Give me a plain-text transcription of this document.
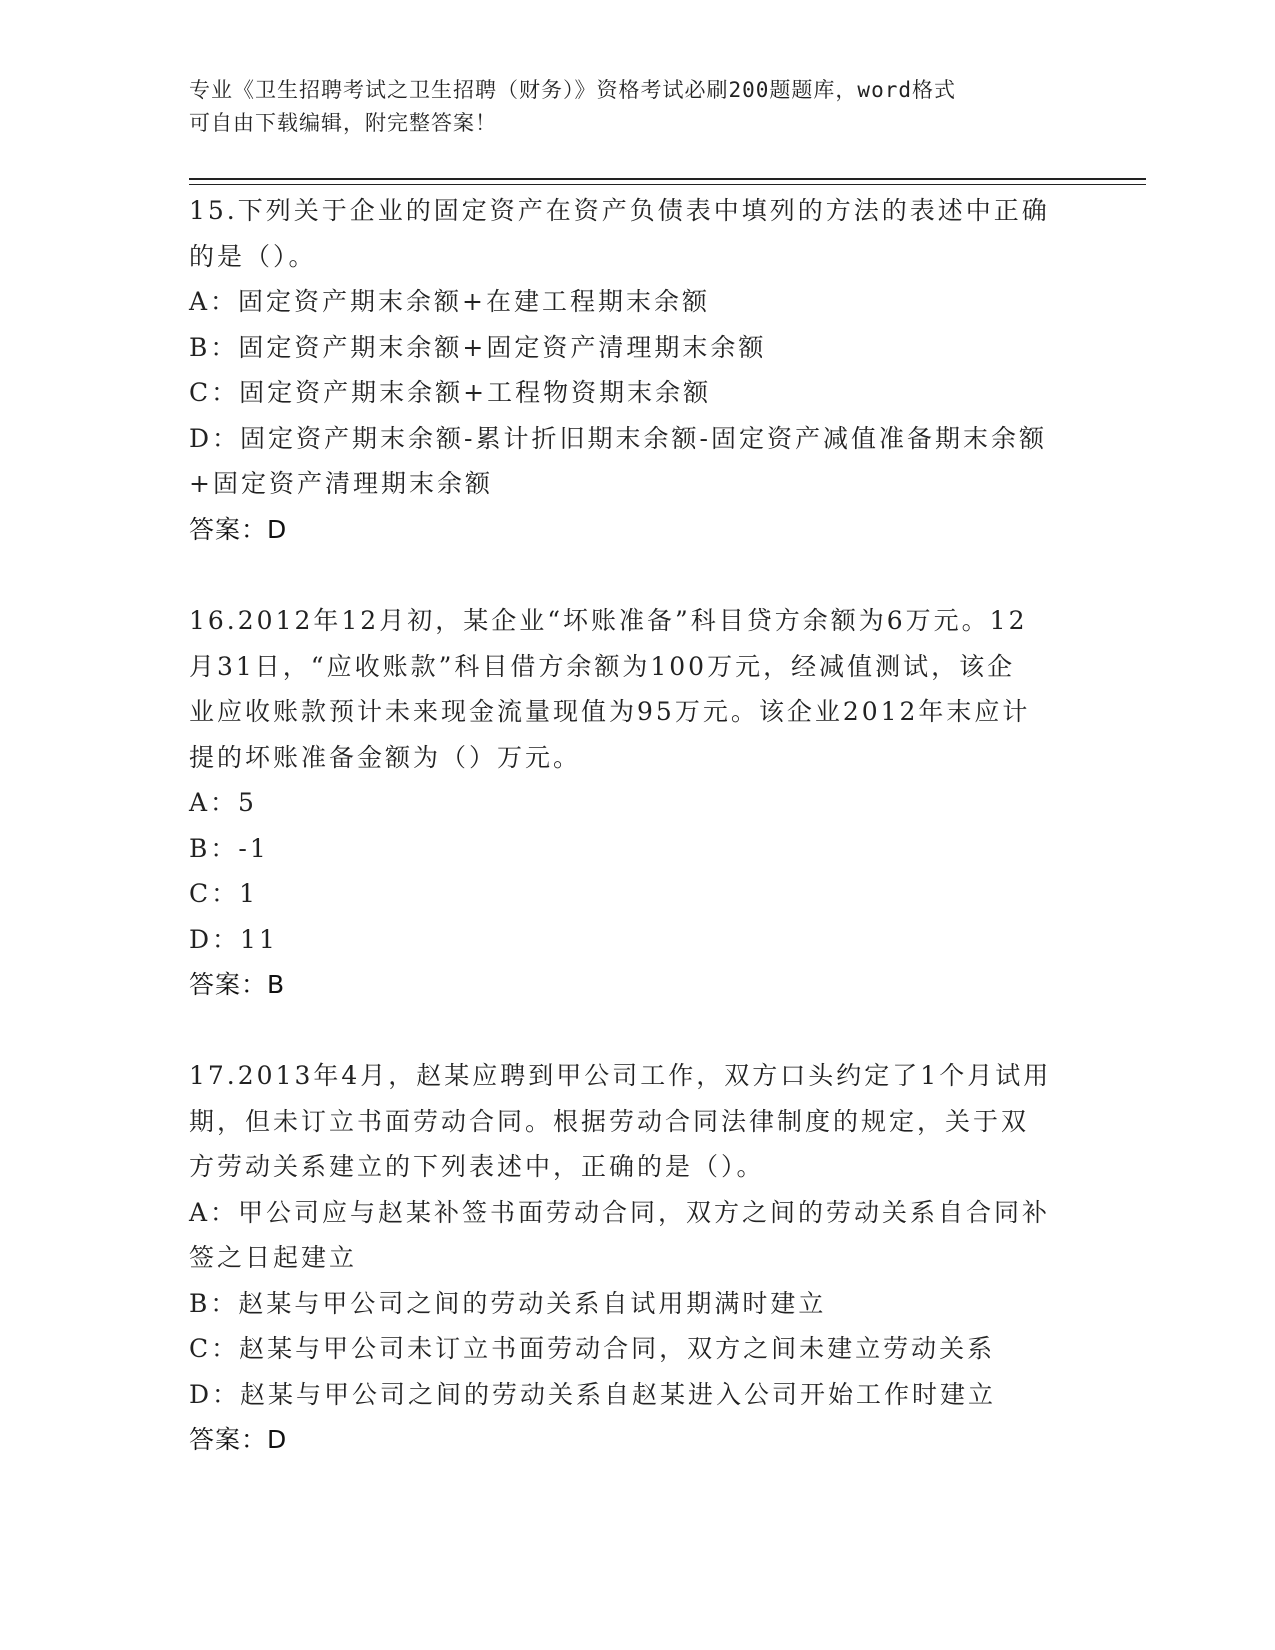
专业《卫生招聘考试之卫生招聘（财务）》资格考试必刷200题题库，word格式
可自由下载编辑，附完整答案！
15.下列关于企业的固定资产在资产负债表中填列的方法的表述中正确
的是（）。
A：固定资产期末余额+在建工程期末余额
B：固定资产期末余额+固定资产清理期末余额
C：固定资产期末余额+工程物资期末余额
D：固定资产期末余额-累计折旧期末余额-固定资产减值准备期末余额
+固定资产清理期末余额
答案：D
16.2012年12月初，某企业“坏账准备”科目贷方余额为6万元。12
月31日，“应收账款”科目借方余额为100万元，经减值测试，该企
业应收账款预计未来现金流量现值为95万元。该企业2012年末应计
提的坏账准备金额为（）万元。
A：5
B：-1
C：1
D：11
答案：B
17.2013年4月，赵某应聘到甲公司工作，双方口头约定了1个月试用
期，但未订立书面劳动合同。根据劳动合同法律制度的规定，关于双
方劳动关系建立的下列表述中，正确的是（）。
A：甲公司应与赵某补签书面劳动合同，双方之间的劳动关系自合同补
签之日起建立
B：赵某与甲公司之间的劳动关系自试用期满时建立
C：赵某与甲公司未订立书面劳动合同，双方之间未建立劳动关系
D：赵某与甲公司之间的劳动关系自赵某进入公司开始工作时建立
答案：D
